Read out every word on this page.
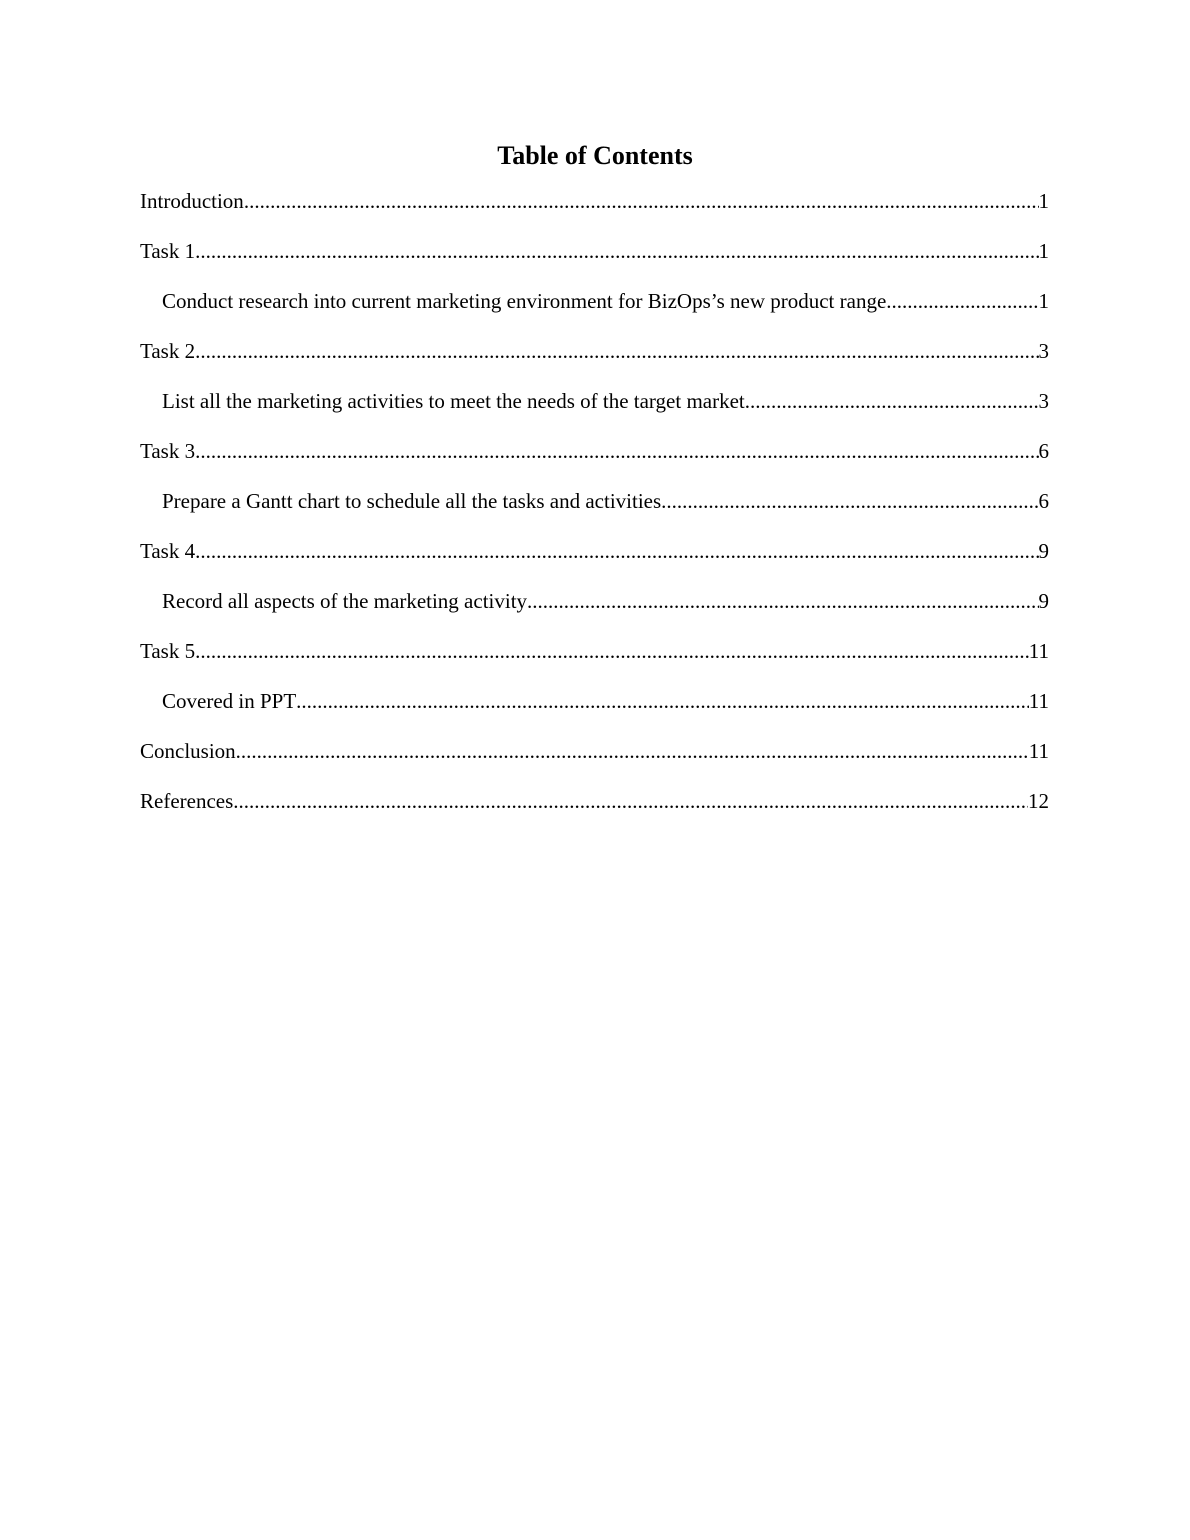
Table of Contents
Introduction .....	1
Task 1 .....	1
Conduct research into current marketing environment for BizOps’s new product range .....	1
Task 2 .....	3
List all the marketing activities to meet the needs of the target market .....	3
Task 3 .....	6
Prepare a Gantt chart to schedule all the tasks and activities .....	6
Task 4 .....	9
Record all aspects of the marketing activity .....	9
Task 5 .....	11
Covered in PPT .....	11
Conclusion .....	11
References .....	12
